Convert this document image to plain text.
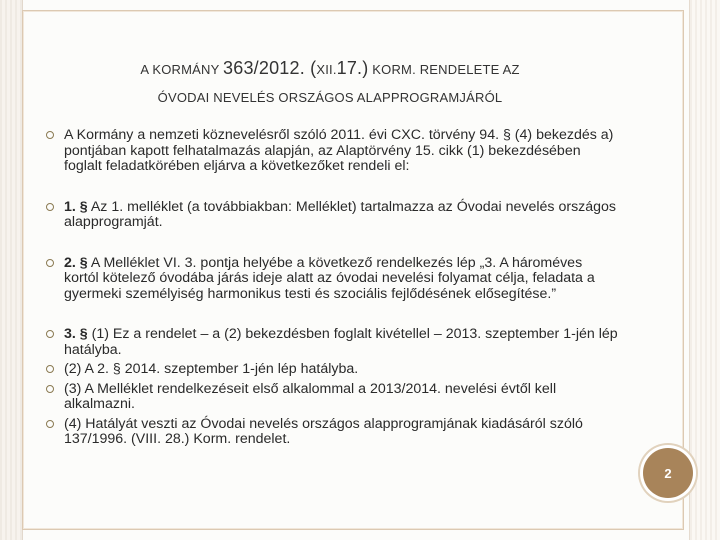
A KORMÁNY 363/2012. (XII.17.) KORM. RENDELETE AZ
ÓVODAI NEVELÉS ORSZÁGOS ALAPPROGRAMJÁRÓL
A Kormány a nemzeti köznevelésről szóló 2011. évi CXC. törvény 94. § (4) bekezdés a) pontjában kapott felhatalmazás alapján, az Alaptörvény 15. cikk (1) bekezdésében foglalt feladatkörében eljárva a következőket rendeli el:
1. § Az 1. melléklet (a továbbiakban: Melléklet) tartalmazza az Óvodai nevelés országos alapprogramját.
2. § A Melléklet VI. 3. pontja helyébe a következő rendelkezés lép „3. A hároméves kortól kötelező óvodába járás ideje alatt az óvodai nevelési folyamat célja, feladata a gyermeki személyiség harmonikus testi és szociális fejlődésének elősegítése.”
3. § (1) Ez a rendelet – a (2) bekezdésben foglalt kivétellel – 2013. szeptember 1-jén lép hatályba.
(2) A 2. § 2014. szeptember 1-jén lép hatályba.
(3) A Melléklet rendelkezéseit első alkalommal a 2013/2014. nevelési évtől kell alkalmazni.
(4) Hatályát veszti az Óvodai nevelés országos alapprogramjának kiadásáról szóló 137/1996. (VIII. 28.) Korm. rendelet.
2
